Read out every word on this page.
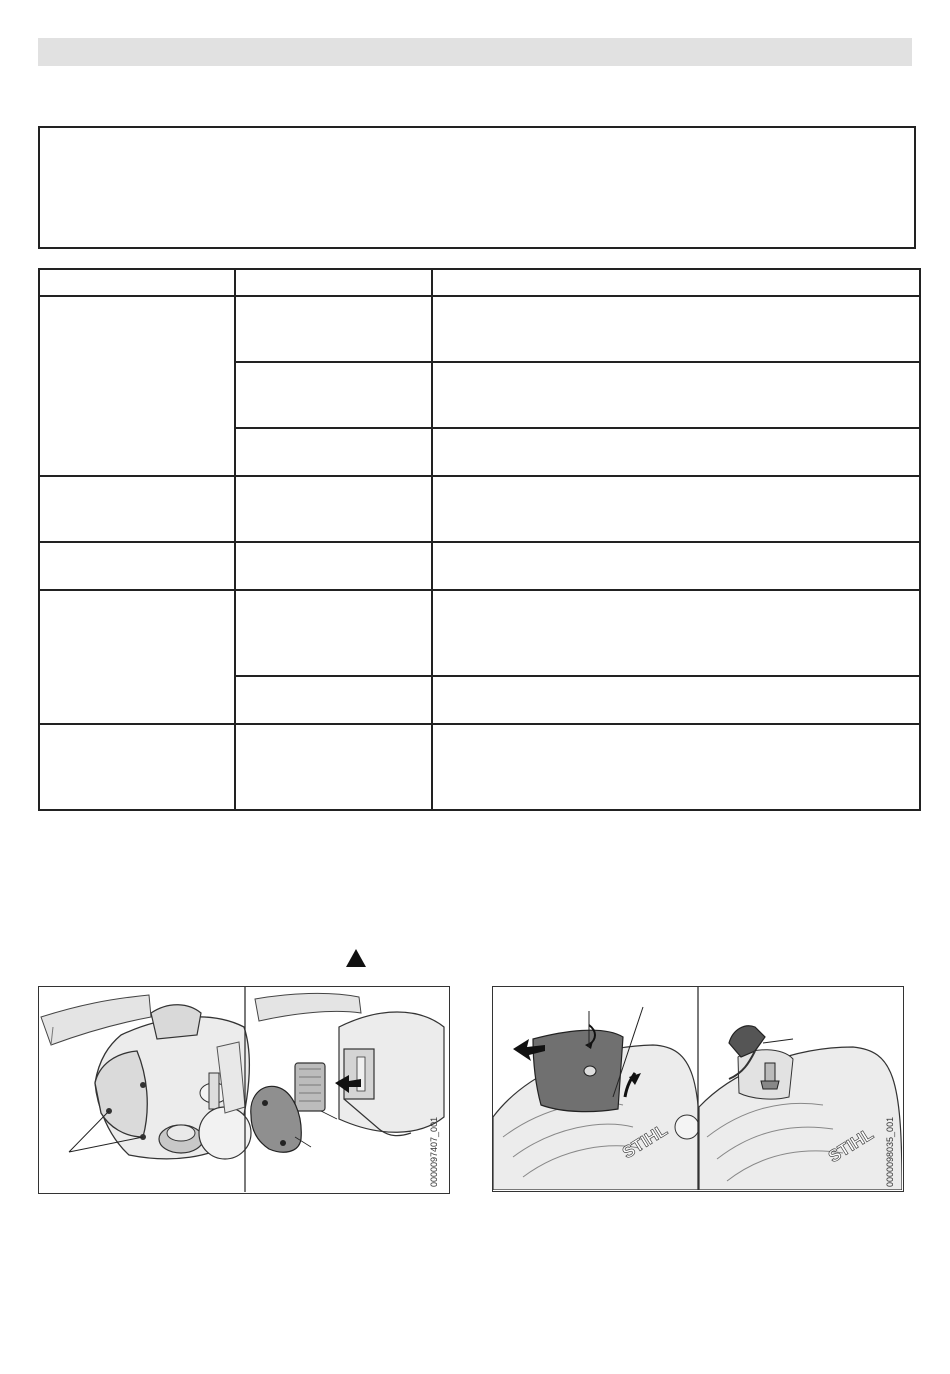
0000097407_001	STIHL	STIHL 0000098035_001
